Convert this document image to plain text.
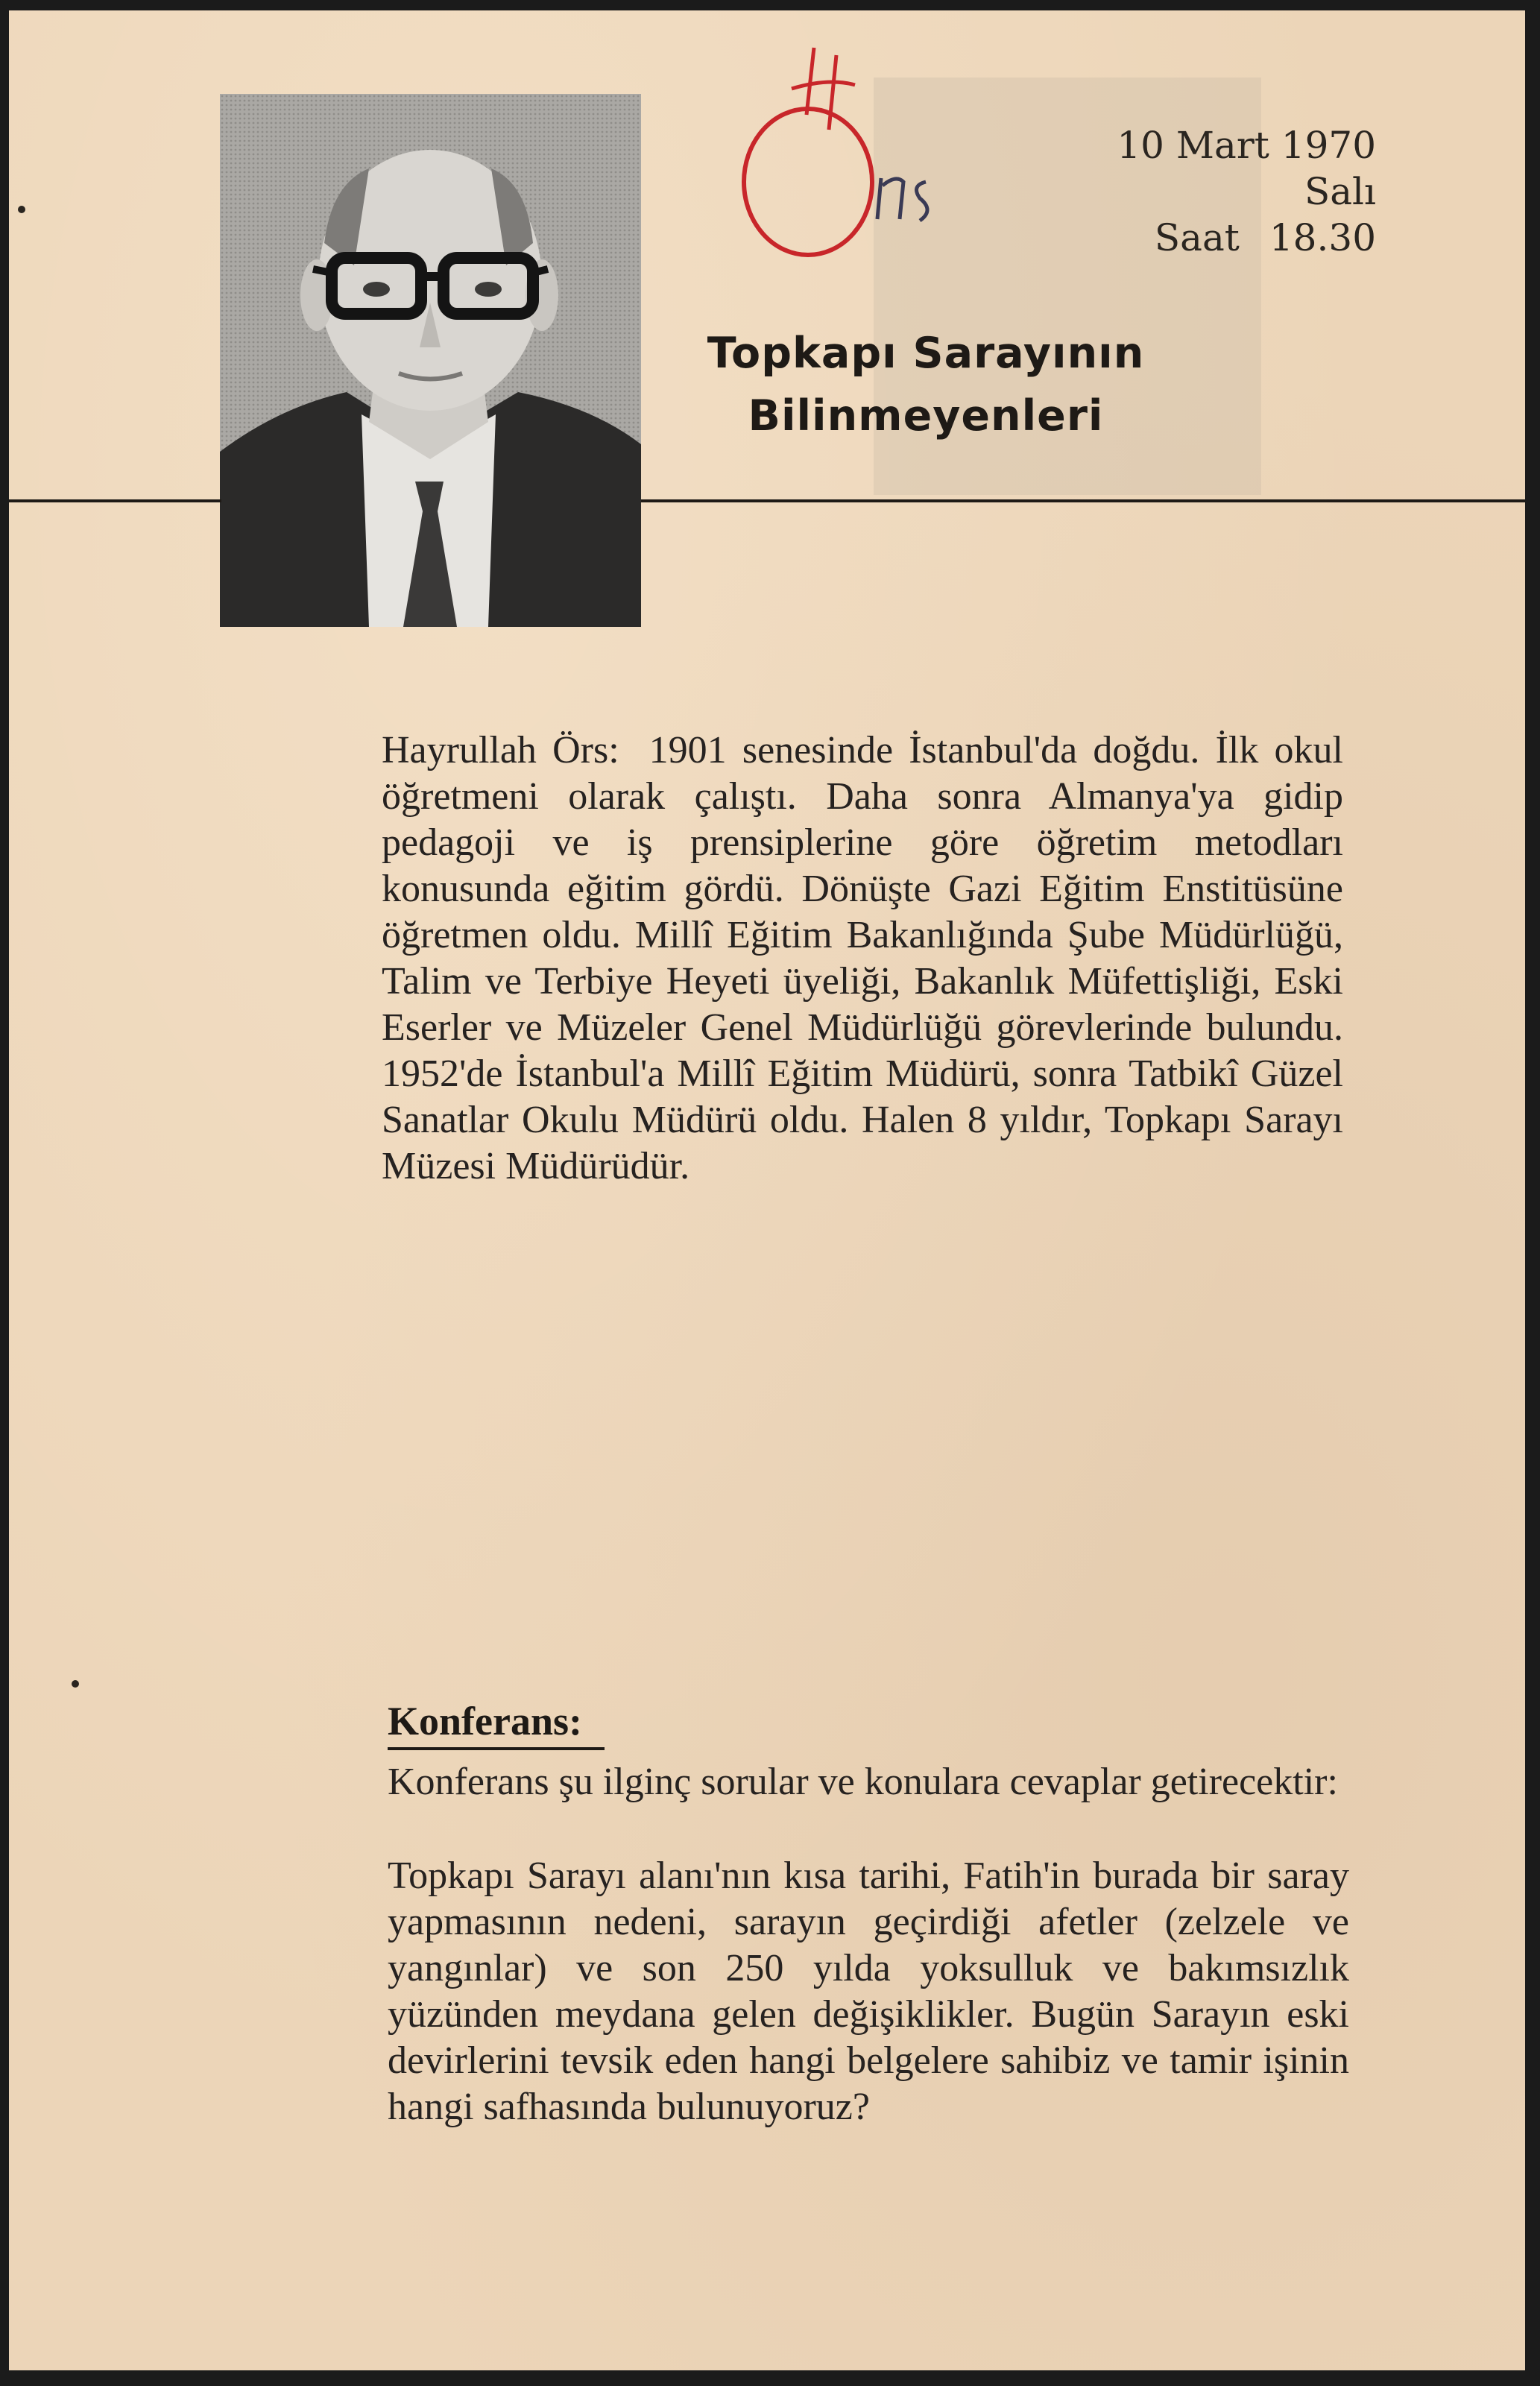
10 Mart 1970
Salı
Saat 18.30
Topkapı Sarayının
Bilinmeyenleri
Hayrullah Örs: 1901 senesinde İstanbul'da doğdu. İlk okul öğretmeni olarak çalıştı. Daha sonra Almanya'ya gidip pedagoji ve iş prensiplerine göre öğretim metodları konusunda eğitim gördü. Dönüşte Gazi Eğitim Enstitüsüne öğretmen oldu. Millî Eğitim Bakanlığında Şube Müdürlüğü, Talim ve Terbiye Heyeti üyeliği, Bakanlık Müfettişliği, Eski Eserler ve Müzeler Genel Müdürlüğü görevlerinde bulundu. 1952'de İstanbul'a Millî Eğitim Müdürü, sonra Tatbikî Güzel Sanatlar Okulu Müdürü oldu. Halen 8 yıldır, Topkapı Sarayı Müzesi Müdürüdür.
Konferans:
Konferans şu ilginç sorular ve konulara cevaplar getirecektir:
Topkapı Sarayı alanı'nın kısa tarihi, Fatih'in burada bir saray yapmasının nedeni, sarayın geçirdiği afetler (zelzele ve yangınlar) ve son 250 yılda yoksulluk ve bakımsızlık yüzünden meydana gelen değişiklikler. Bugün Sarayın eski devirlerini tevsik eden hangi belgelere sahibiz ve tamir işinin hangi safhasında bulunuyoruz?
